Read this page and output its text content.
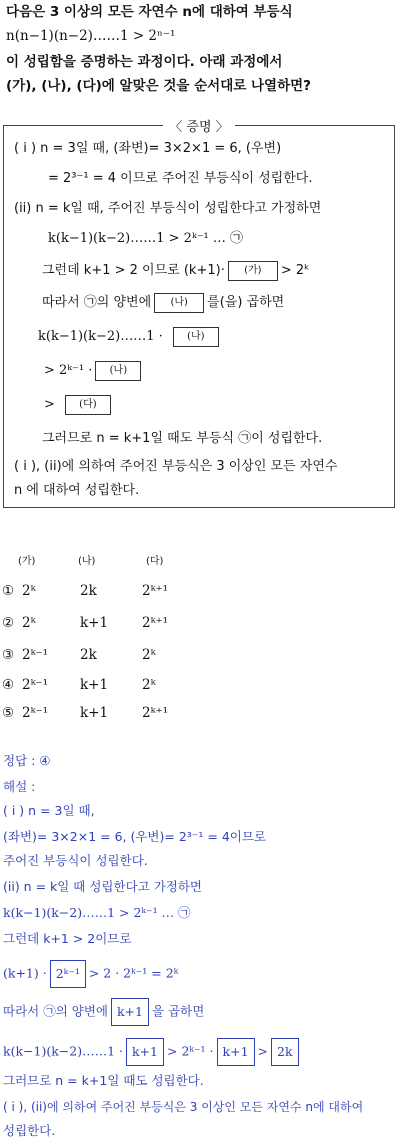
다음은 3 이상의 모든 자연수 n에 대하여 부등식
n(n−1)(n−2)……1 > 2ⁿ⁻¹
이 성립함을 증명하는 과정이다. 아래 과정에서
(가), (나), (다)에 알맞은 것을 순서대로 나열하면?
〈 증명 〉
( i ) n = 3일 때, (좌변)= 3×2×1 = 6, (우변)
= 2³⁻¹ = 4 이므로 주어진 부등식이 성립한다.
(ii) n = k일 때, 주어진 부등식이 성립한다고 가정하면
k(k−1)(k−2)……1 > 2ᵏ⁻¹ … ㉠
그런데 k+1 > 2 이므로 (k+1)· (가) > 2ᵏ
따라서 ㉠의 양변에 (나) 를(을) 곱하면
k(k−1)(k−2)……1 · (나)
> 2ᵏ⁻¹ · (나)
> (다)
그러므로 n = k+1일 때도 부등식 ㉠이 성립한다.
( i ), (ii)에 의하여 주어진 부등식은 3 이상인 모든 자연수
n 에 대하여 성립한다.
(가)	(나)	(다)
① 2ᵏ	2k	2ᵏ⁺¹
② 2ᵏ	k+1	2ᵏ⁺¹
③ 2ᵏ⁻¹ 2k	2ᵏ
④ 2ᵏ⁻¹ k+1	2ᵏ
⑤ 2ᵏ⁻¹ k+1	2ᵏ⁺¹
정답 : ④
해설 :
( i ) n = 3일 때,
(좌변)= 3×2×1 = 6, (우변)= 2³⁻¹ = 4이므로
주어진 부등식이 성립한다.
(ii) n = k일 때 성립한다고 가정하면
k(k−1)(k−2)……1 > 2ᵏ⁻¹ … ㉠
그런데 k+1 > 2이므로
(k+1) · 2ᵏ⁻¹ > 2 · 2ᵏ⁻¹ = 2ᵏ
따라서 ㉠의 양변에 k+1 을 곱하면
k(k−1)(k−2)……1 · k+1 > 2ᵏ⁻¹ · k+1 > 2k
그러므로 n = k+1일 때도 성립한다.
( i ), (ii)에 의하여 주어진 부등식은 3 이상인 모든 자연수 n에 대하여
성립한다.
